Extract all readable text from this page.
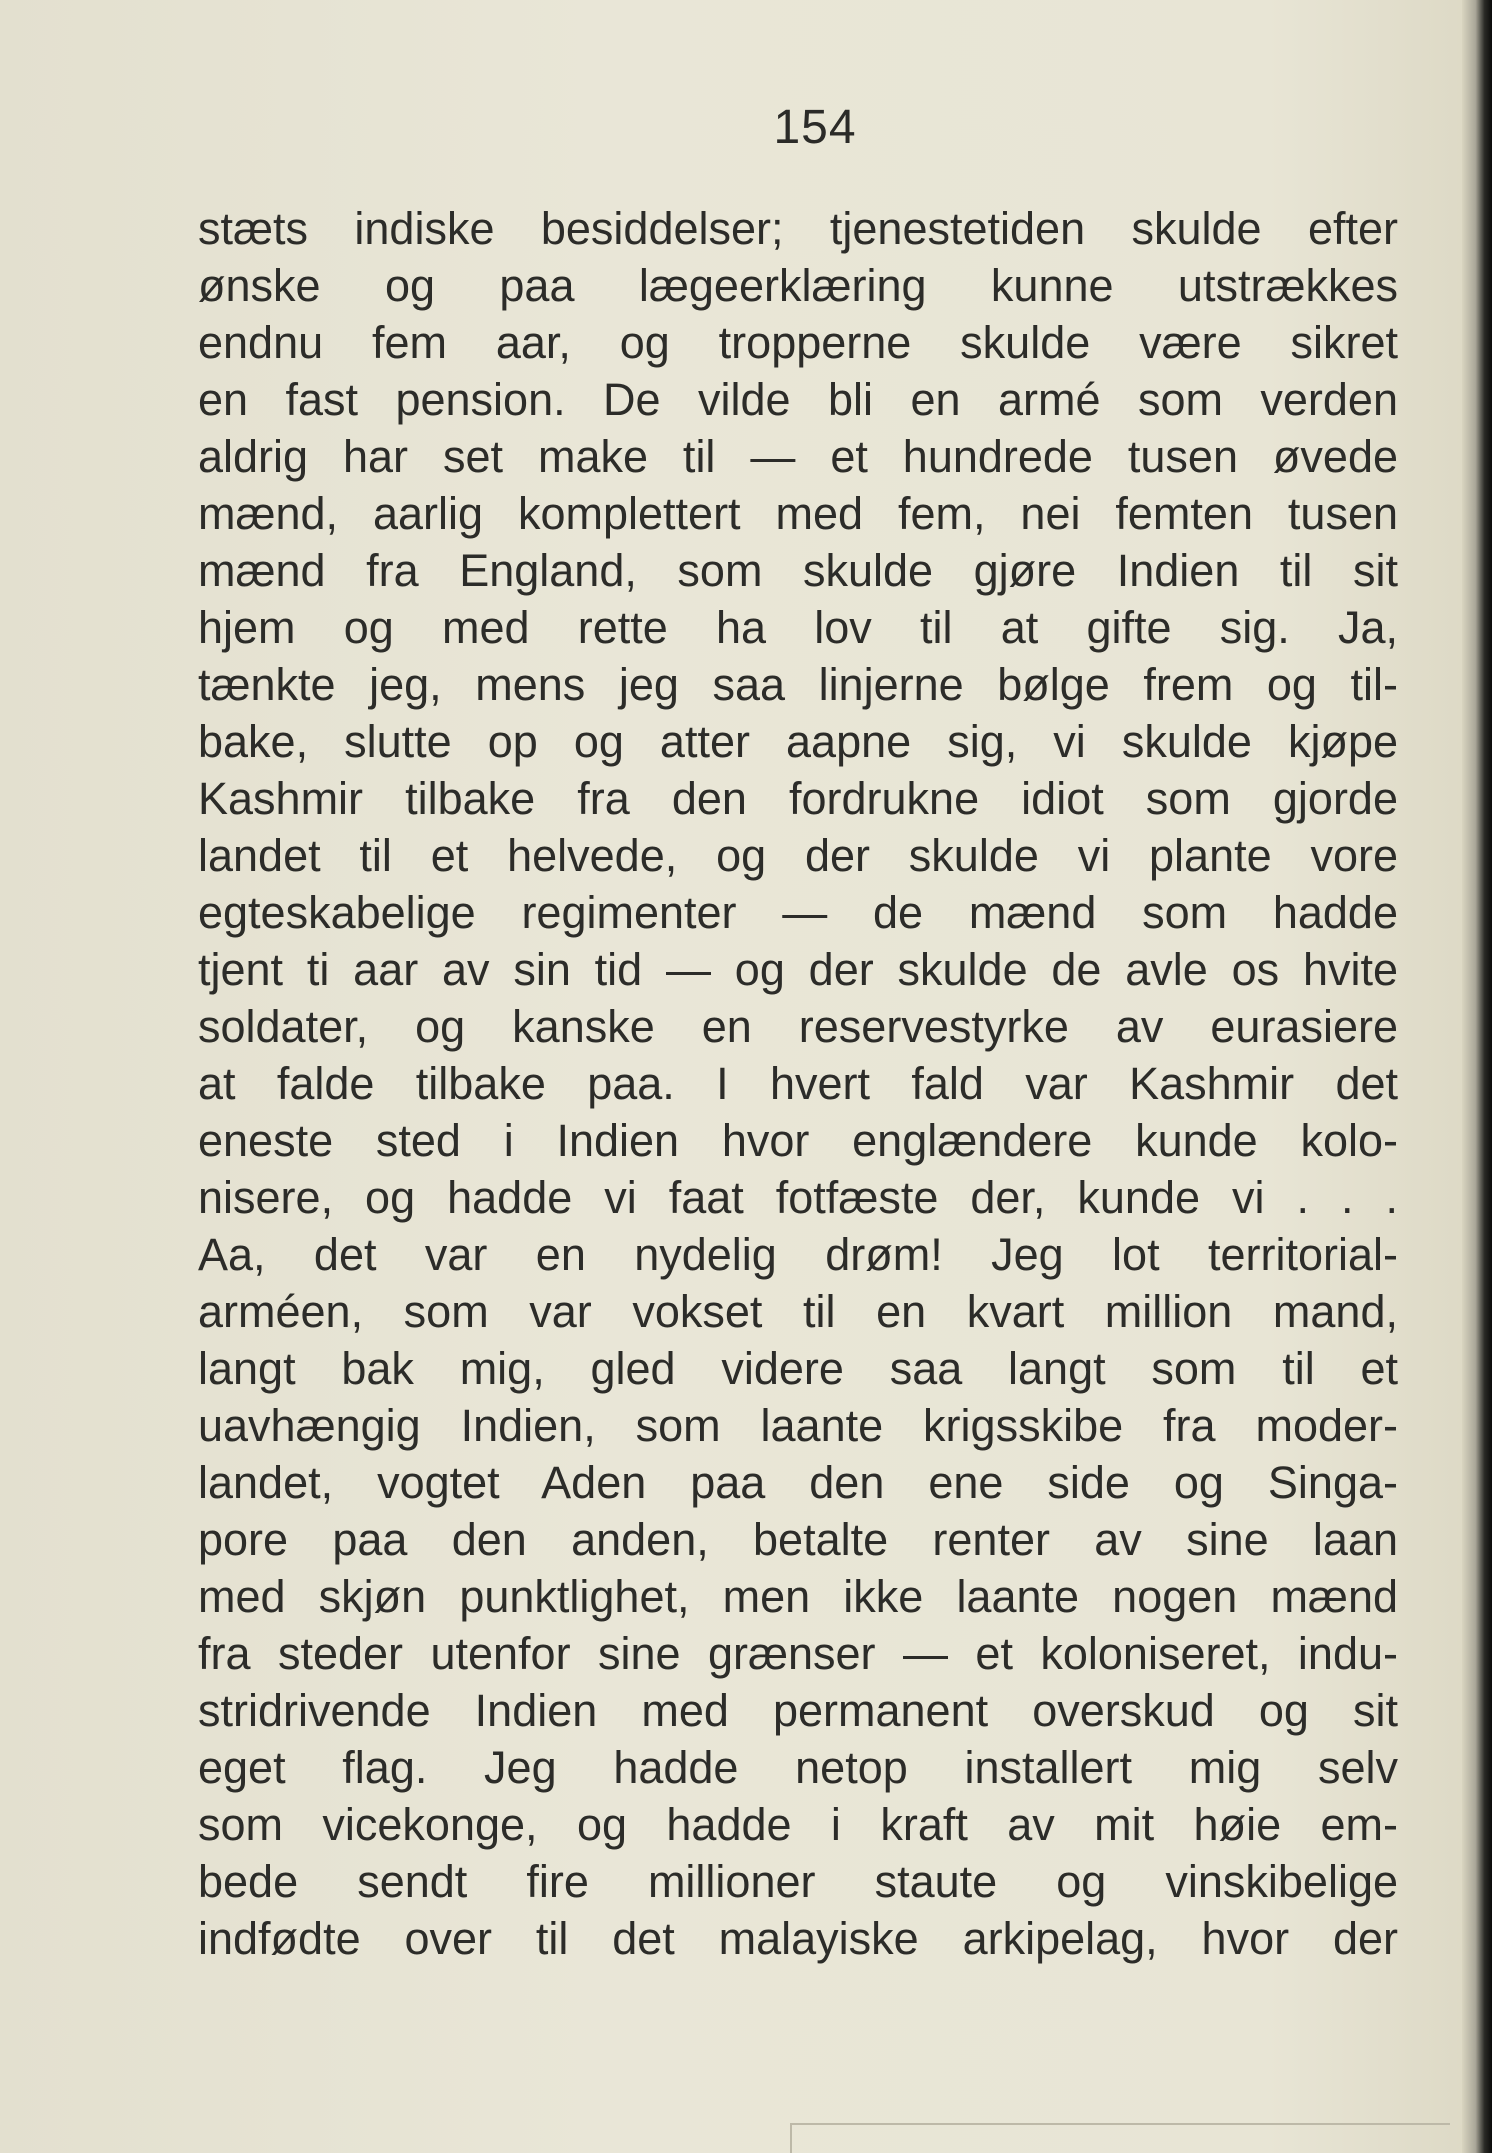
154
stæts indiske besiddelser; tjenestetiden skulde efter
ønske og paa lægeerklæring kunne utstrækkes
endnu fem aar, og tropperne skulde være sikret
en fast pension. De vilde bli en armé som verden
aldrig har set make til — et hundrede tusen øvede
mænd, aarlig komplettert med fem, nei femten tusen
mænd fra England, som skulde gjøre Indien til sit
hjem og med rette ha lov til at gifte sig. Ja,
tænkte jeg, mens jeg saa linjerne bølge frem og til-
bake, slutte op og atter aapne sig, vi skulde kjøpe
Kashmir tilbake fra den fordrukne idiot som gjorde
landet til et helvede, og der skulde vi plante vore
egteskabelige regimenter — de mænd som hadde
tjent ti aar av sin tid — og der skulde de avle os hvite
soldater, og kanske en reservestyrke av eurasiere
at falde tilbake paa. I hvert fald var Kashmir det
eneste sted i Indien hvor englændere kunde kolo-
nisere, og hadde vi faat fotfæste der, kunde vi . . .
Aa, det var en nydelig drøm! Jeg lot territorial-
arméen, som var vokset til en kvart million mand,
langt bak mig, gled videre saa langt som til et
uavhængig Indien, som laante krigsskibe fra moder-
landet, vogtet Aden paa den ene side og Singa-
pore paa den anden, betalte renter av sine laan
med skjøn punktlighet, men ikke laante nogen mænd
fra steder utenfor sine grænser — et koloniseret, indu-
stridrivende Indien med permanent overskud og sit
eget flag. Jeg hadde netop installert mig selv
som vicekonge, og hadde i kraft av mit høie em-
bede sendt fire millioner staute og vinskibelige
indfødte over til det malayiske arkipelag, hvor der
